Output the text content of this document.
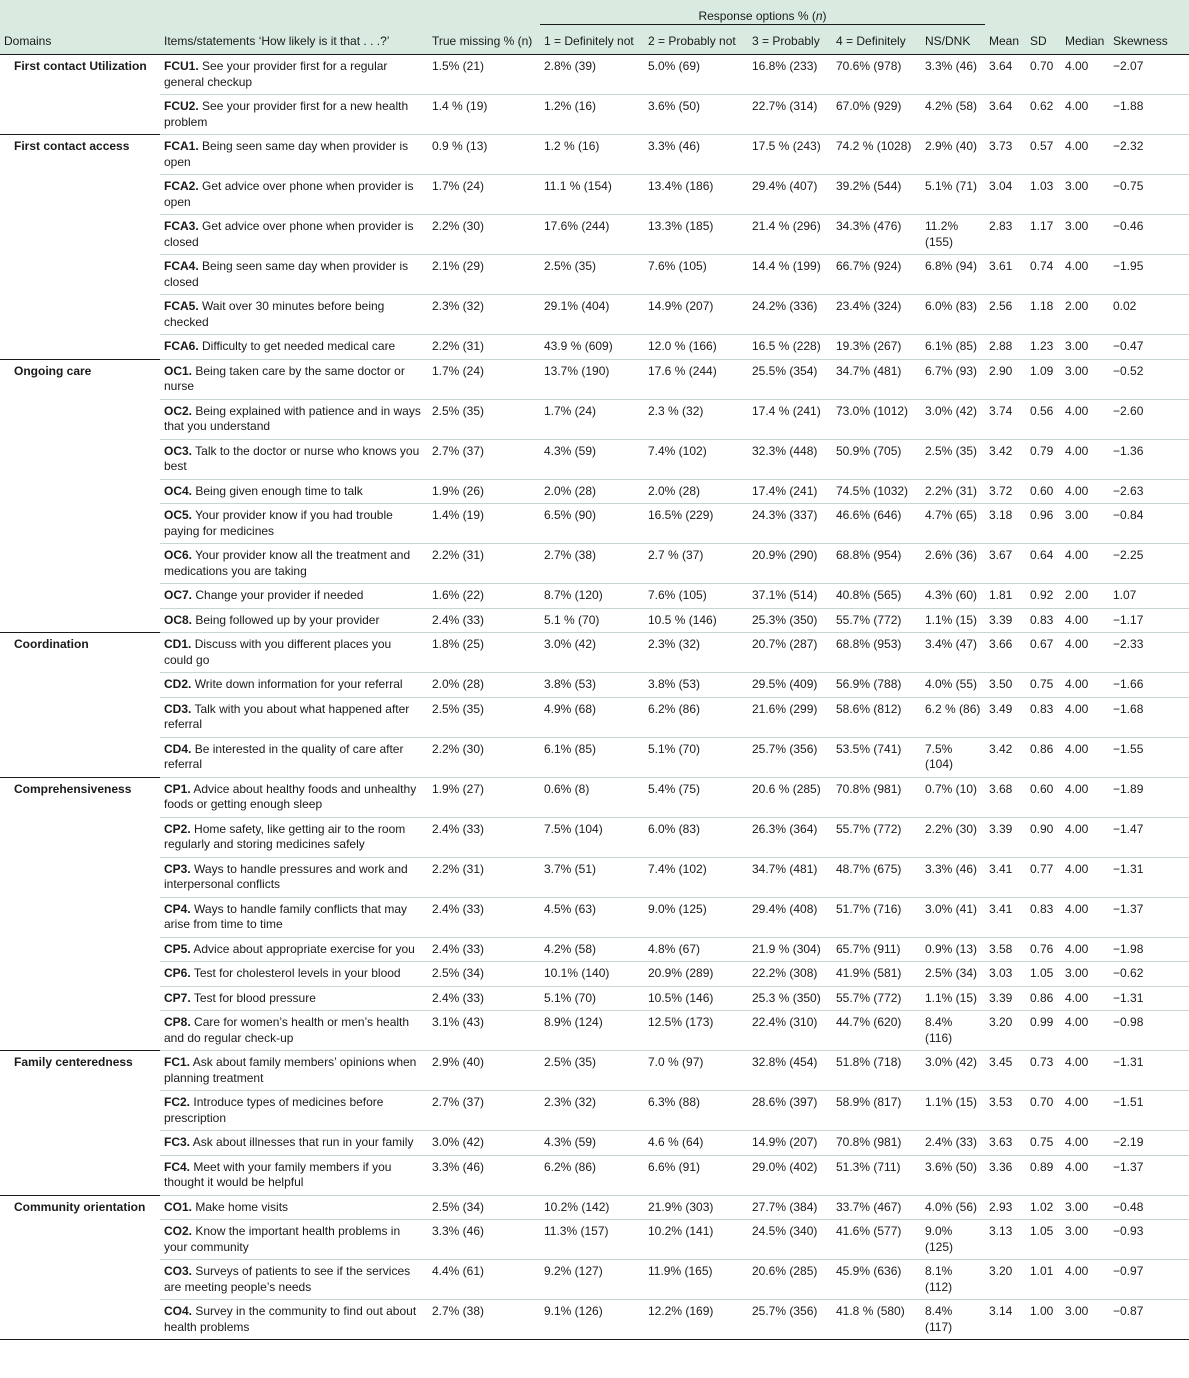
			Response options % (n)								
Domains	Items/statements ‘How likely is it that . . .?’	True missing % (n)	1 = Definitely not	2 = Probably not	3 = Probably	4 = Definitely	NS/DNK	Mean	SD	Median	Skewness
First contact Utilization	FCU1. See your provider first for a regular general checkup	1.5% (21)	2.8% (39)	5.0% (69)	16.8% (233)	70.6% (978)	3.3% (46)	3.64	0.70	4.00	−2.07
	FCU2. See your provider first for a new health problem	1.4 % (19)	1.2% (16)	3.6% (50)	22.7% (314)	67.0% (929)	4.2% (58)	3.64	0.62	4.00	−1.88
First contact access	FCA1. Being seen same day when provider is open	0.9 % (13)	1.2 % (16)	3.3% (46)	17.5 % (243)	74.2 % (1028)	2.9% (40)	3.73	0.57	4.00	−2.32
	FCA2. Get advice over phone when provider is open	1.7% (24)	11.1 % (154)	13.4% (186)	29.4% (407)	39.2% (544)	5.1% (71)	3.04	1.03	3.00	−0.75
	FCA3. Get advice over phone when provider is closed	2.2% (30)	17.6% (244)	13.3% (185)	21.4 % (296)	34.3% (476)	11.2% (155)	2.83	1.17	3.00	−0.46
	FCA4. Being seen same day when provider is closed	2.1% (29)	2.5% (35)	7.6% (105)	14.4 % (199)	66.7% (924)	6.8% (94)	3.61	0.74	4.00	−1.95
	FCA5. Wait over 30 minutes before being checked	2.3% (32)	29.1% (404)	14.9% (207)	24.2% (336)	23.4% (324)	6.0% (83)	2.56	1.18	2.00	0.02
	FCA6. Difficulty to get needed medical care	2.2% (31)	43.9 % (609)	12.0 % (166)	16.5 % (228)	19.3% (267)	6.1% (85)	2.88	1.23	3.00	−0.47
Ongoing care	OC1. Being taken care by the same doctor or nurse	1.7% (24)	13.7% (190)	17.6 % (244)	25.5% (354)	34.7% (481)	6.7% (93)	2.90	1.09	3.00	−0.52
	OC2. Being explained with patience and in ways that you understand	2.5% (35)	1.7% (24)	2.3 % (32)	17.4 % (241)	73.0% (1012)	3.0% (42)	3.74	0.56	4.00	−2.60
	OC3. Talk to the doctor or nurse who knows you best	2.7% (37)	4.3% (59)	7.4% (102)	32.3% (448)	50.9% (705)	2.5% (35)	3.42	0.79	4.00	−1.36
	OC4. Being given enough time to talk	1.9% (26)	2.0% (28)	2.0% (28)	17.4% (241)	74.5% (1032)	2.2% (31)	3.72	0.60	4.00	−2.63
	OC5. Your provider know if you had trouble paying for medicines	1.4% (19)	6.5% (90)	16.5% (229)	24.3% (337)	46.6% (646)	4.7% (65)	3.18	0.96	3.00	−0.84
	OC6. Your provider know all the treatment and medications you are taking	2.2% (31)	2.7% (38)	2.7 % (37)	20.9% (290)	68.8% (954)	2.6% (36)	3.67	0.64	4.00	−2.25
	OC7. Change your provider if needed	1.6% (22)	8.7% (120)	7.6% (105)	37.1% (514)	40.8% (565)	4.3% (60)	1.81	0.92	2.00	1.07
	OC8. Being followed up by your provider	2.4% (33)	5.1 % (70)	10.5 % (146)	25.3% (350)	55.7% (772)	1.1% (15)	3.39	0.83	4.00	−1.17
Coordination	CD1. Discuss with you different places you could go	1.8% (25)	3.0% (42)	2.3% (32)	20.7% (287)	68.8% (953)	3.4% (47)	3.66	0.67	4.00	−2.33
	CD2. Write down information for your referral	2.0% (28)	3.8% (53)	3.8% (53)	29.5% (409)	56.9% (788)	4.0% (55)	3.50	0.75	4.00	−1.66
	CD3. Talk with you about what happened after referral	2.5% (35)	4.9% (68)	6.2% (86)	21.6% (299)	58.6% (812)	6.2 % (86)	3.49	0.83	4.00	−1.68
	CD4. Be interested in the quality of care after referral	2.2% (30)	6.1% (85)	5.1% (70)	25.7% (356)	53.5% (741)	7.5% (104)	3.42	0.86	4.00	−1.55
Comprehensiveness	CP1. Advice about healthy foods and unhealthy foods or getting enough sleep	1.9% (27)	0.6% (8)	5.4% (75)	20.6 % (285)	70.8% (981)	0.7% (10)	3.68	0.60	4.00	−1.89
	CP2. Home safety, like getting air to the room regularly and storing medicines safely	2.4% (33)	7.5% (104)	6.0% (83)	26.3% (364)	55.7% (772)	2.2% (30)	3.39	0.90	4.00	−1.47
	CP3. Ways to handle pressures and work and interpersonal conflicts	2.2% (31)	3.7% (51)	7.4% (102)	34.7% (481)	48.7% (675)	3.3% (46)	3.41	0.77	4.00	−1.31
	CP4. Ways to handle family conflicts that may arise from time to time	2.4% (33)	4.5% (63)	9.0% (125)	29.4% (408)	51.7% (716)	3.0% (41)	3.41	0.83	4.00	−1.37
	CP5. Advice about appropriate exercise for you	2.4% (33)	4.2% (58)	4.8% (67)	21.9 % (304)	65.7% (911)	0.9% (13)	3.58	0.76	4.00	−1.98
	CP6. Test for cholesterol levels in your blood	2.5% (34)	10.1% (140)	20.9% (289)	22.2% (308)	41.9% (581)	2.5% (34)	3.03	1.05	3.00	−0.62
	CP7. Test for blood pressure	2.4% (33)	5.1% (70)	10.5% (146)	25.3 % (350)	55.7% (772)	1.1% (15)	3.39	0.86	4.00	−1.31
	CP8. Care for women’s health or men’s health and do regular check-up	3.1% (43)	8.9% (124)	12.5% (173)	22.4% (310)	44.7% (620)	8.4% (116)	3.20	0.99	4.00	−0.98
Family centeredness	FC1. Ask about family members’ opinions when planning treatment	2.9% (40)	2.5% (35)	7.0 % (97)	32.8% (454)	51.8% (718)	3.0% (42)	3.45	0.73	4.00	−1.31
	FC2. Introduce types of medicines before prescription	2.7% (37)	2.3% (32)	6.3% (88)	28.6% (397)	58.9% (817)	1.1% (15)	3.53	0.70	4.00	−1.51
	FC3. Ask about illnesses that run in your family	3.0% (42)	4.3% (59)	4.6 % (64)	14.9% (207)	70.8% (981)	2.4% (33)	3.63	0.75	4.00	−2.19
	FC4. Meet with your family members if you thought it would be helpful	3.3% (46)	6.2% (86)	6.6% (91)	29.0% (402)	51.3% (711)	3.6% (50)	3.36	0.89	4.00	−1.37
Community orientation	CO1. Make home visits	2.5% (34)	10.2% (142)	21.9% (303)	27.7% (384)	33.7% (467)	4.0% (56)	2.93	1.02	3.00	−0.48
	CO2. Know the important health problems in your community	3.3% (46)	11.3% (157)	10.2% (141)	24.5% (340)	41.6% (577)	9.0% (125)	3.13	1.05	3.00	−0.93
	CO3. Surveys of patients to see if the services are meeting people’s needs	4.4% (61)	9.2% (127)	11.9% (165)	20.6% (285)	45.9% (636)	8.1% (112)	3.20	1.01	4.00	−0.97
	CO4. Survey in the community to find out about health problems	2.7% (38)	9.1% (126)	12.2% (169)	25.7% (356)	41.8 % (580)	8.4% (117)	3.14	1.00	3.00	−0.87
